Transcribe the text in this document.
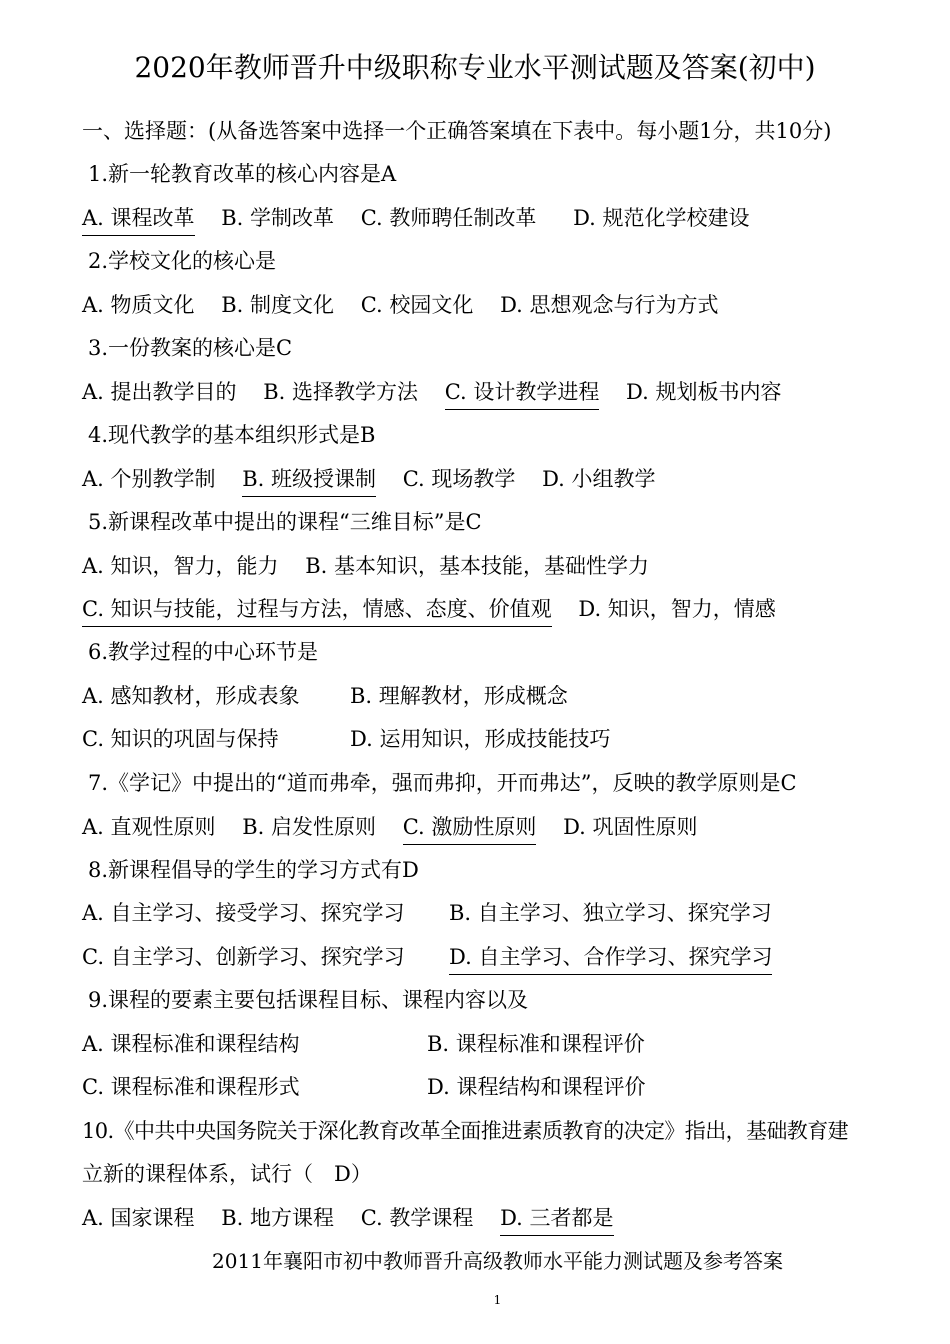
2020年教师晋升中级职称专业水平测试题及答案(初中)
一、选择题：(从备选答案中选择一个正确答案填在下表中。每小题1分，共10分)
1.新一轮教育改革的核心内容是A
A. 课程改革 B. 学制改革 C. 教师聘任制改革 D. 规范化学校建设
2.学校文化的核心是
A. 物质文化 B. 制度文化 C. 校园文化 D. 思想观念与行为方式
3.一份教案的核心是C
A. 提出教学目的 B. 选择教学方法 C. 设计教学进程 D. 规划板书内容
4.现代教学的基本组织形式是B
A. 个别教学制 B. 班级授课制 C. 现场教学 D. 小组教学
5.新课程改革中提出的课程“三维目标”是C
A. 知识，智力，能力 B. 基本知识，基本技能，基础性学力
C. 知识与技能，过程与方法，情感、态度、价值观 D. 知识，智力，情感
6.教学过程的中心环节是
A. 感知教材，形成表象 B. 理解教材，形成概念
C. 知识的巩固与保持	D. 运用知识，形成技能技巧
7.《学记》中提出的“道而弗牵，强而弗抑，开而弗达”，反映的教学原则是C
A. 直观性原则 B. 启发性原则 C. 激励性原则 D. 巩固性原则
8.新课程倡导的学生的学习方式有D
A. 自主学习、接受学习、探究学习 B. 自主学习、独立学习、探究学习
C. 自主学习、创新学习、探究学习 D. 自主学习、合作学习、探究学习
9.课程的要素主要包括课程目标、课程内容以及
A. 课程标准和课程结构	B. 课程标准和课程评价
C. 课程标准和课程形式	D. 课程结构和课程评价
10.《中共中央国务院关于深化教育改革全面推进素质教育的决定》指出，基础教育建
立新的课程体系，试行（　D）
A. 国家课程 B. 地方课程 C. 教学课程 D. 三者都是
2011年襄阳市初中教师晋升高级教师水平能力测试题及参考答案
1
